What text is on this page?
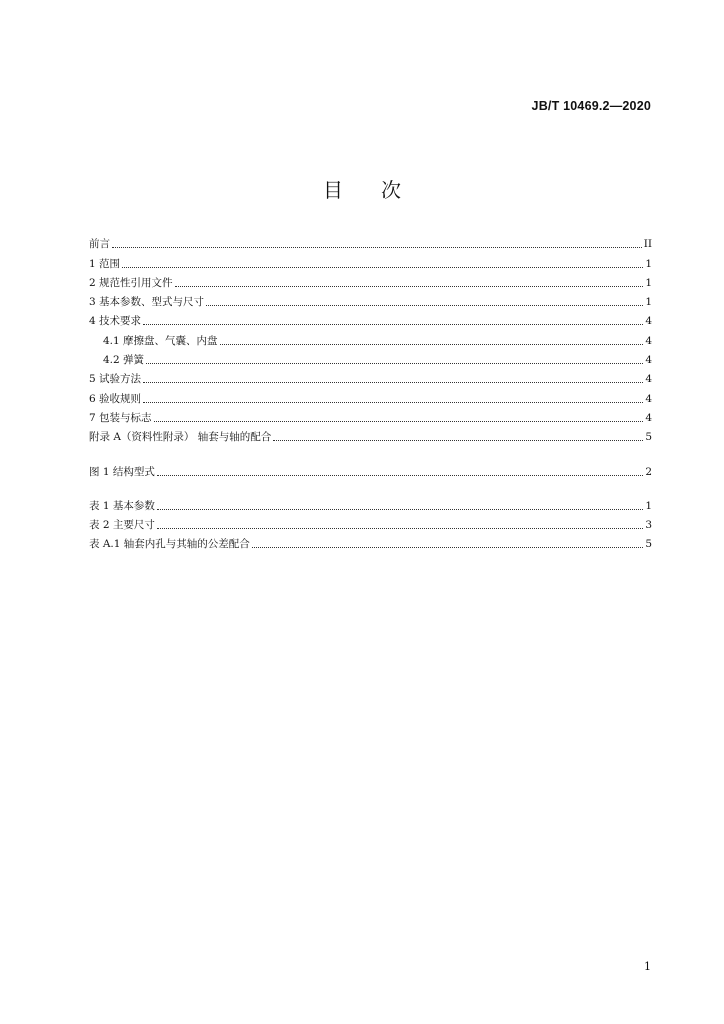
JB/T 10469.2—2020
目次
前言	II
1 范围	1
2 规范性引用文件	1
3 基本参数、型式与尺寸	1
4 技术要求	4
4.1 摩擦盘、气囊、内盘	4
4.2 弹簧	4
5 试验方法	4
6 验收规则	4
7 包装与标志	4
附录 A（资料性附录） 轴套与轴的配合	5
图 1 结构型式	2
表 1 基本参数	1
表 2 主要尺寸	3
表 A.1 轴套内孔与其轴的公差配合	5
1
